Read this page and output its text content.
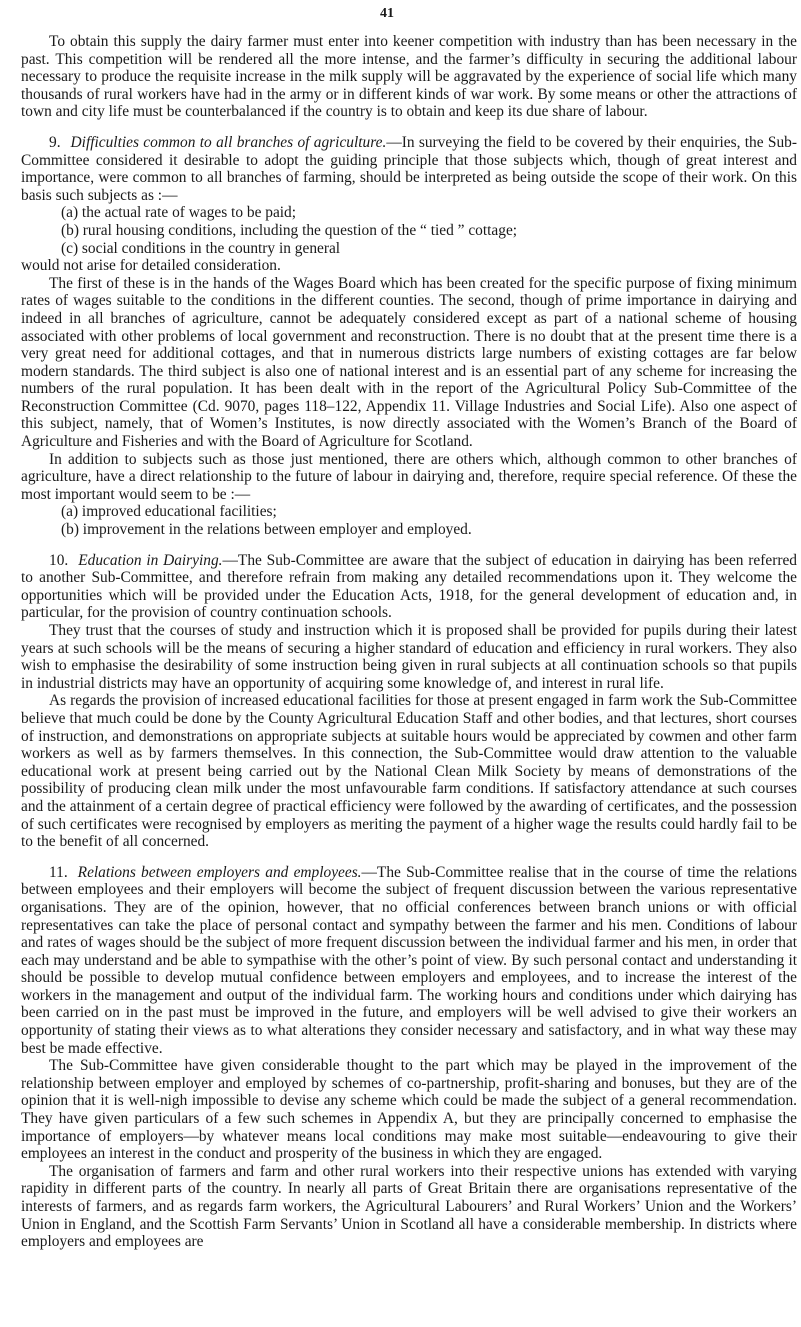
41

To obtain this supply the dairy farmer must enter into keener competition with industry than has been necessary in the past. This competition will be rendered all the more intense, and the farmer’s difficulty in securing the additional labour necessary to produce the requisite increase in the milk supply will be aggravated by the experience of social life which many thousands of rural workers have had in the army or in different kinds of war work. By some means or other the attractions of town and city life must be counterbalanced if the country is to obtain and keep its due share of labour.

9. Difficulties common to all branches of agriculture.—In surveying the field to be covered by their enquiries, the Sub-Committee considered it desirable to adopt the guiding principle that those subjects which, though of great interest and importance, were common to all branches of farming, should be interpreted as being outside the scope of their work. On this basis such subjects as :—

(a) the actual rate of wages to be paid;
(b) rural housing conditions, including the question of the “ tied ” cottage;
(c) social conditions in the country in general

would not arise for detailed consideration.

The first of these is in the hands of the Wages Board which has been created for the specific purpose of fixing minimum rates of wages suitable to the conditions in the different counties. The second, though of prime importance in dairying and indeed in all branches of agriculture, cannot be adequately considered except as part of a national scheme of housing associated with other problems of local government and reconstruction. There is no doubt that at the present time there is a very great need for additional cottages, and that in numerous districts large numbers of existing cottages are far below modern standards. The third subject is also one of national interest and is an essential part of any scheme for increasing the numbers of the rural population. It has been dealt with in the report of the Agricultural Policy Sub-Committee of the Reconstruction Committee (Cd. 9070, pages 118–122, Appendix 11. Village Industries and Social Life). Also one aspect of this subject, namely, that of Women’s Institutes, is now directly associated with the Women’s Branch of the Board of Agriculture and Fisheries and with the Board of Agriculture for Scotland.

In addition to subjects such as those just mentioned, there are others which, although common to other branches of agriculture, have a direct relationship to the future of labour in dairying and, therefore, require special reference. Of these the most important would seem to be :—

(a) improved educational facilities;
(b) improvement in the relations between employer and employed.

10. Education in Dairying.—The Sub-Committee are aware that the subject of education in dairying has been referred to another Sub-Committee, and therefore refrain from making any detailed recommendations upon it. They welcome the opportunities which will be provided under the Education Acts, 1918, for the general development of education and, in particular, for the provision of country continuation schools.

They trust that the courses of study and instruction which it is proposed shall be provided for pupils during their latest years at such schools will be the means of securing a higher standard of education and efficiency in rural workers. They also wish to emphasise the desirability of some instruction being given in rural subjects at all continuation schools so that pupils in industrial districts may have an opportunity of acquiring some knowledge of, and interest in rural life.

As regards the provision of increased educational facilities for those at present engaged in farm work the Sub-Committee believe that much could be done by the County Agricultural Education Staff and other bodies, and that lectures, short courses of instruction, and demonstrations on appropriate subjects at suitable hours would be appreciated by cowmen and other farm workers as well as by farmers themselves. In this connection, the Sub-Committee would draw attention to the valuable educational work at present being carried out by the National Clean Milk Society by means of demonstrations of the possibility of producing clean milk under the most unfavourable farm conditions. If satisfactory attendance at such courses and the attainment of a certain degree of practical efficiency were followed by the awarding of certificates, and the possession of such certificates were recognised by employers as meriting the payment of a higher wage the results could hardly fail to be to the benefit of all concerned.

11. Relations between employers and employees.—The Sub-Committee realise that in the course of time the relations between employees and their employers will become the subject of frequent discussion between the various representative organisations. They are of the opinion, however, that no official conferences between branch unions or with official representatives can take the place of personal contact and sympathy between the farmer and his men. Conditions of labour and rates of wages should be the subject of more frequent discussion between the individual farmer and his men, in order that each may understand and be able to sympathise with the other’s point of view. By such personal contact and understanding it should be possible to develop mutual confidence between employers and employees, and to increase the interest of the workers in the management and output of the individual farm. The working hours and conditions under which dairying has been carried on in the past must be improved in the future, and employers will be well advised to give their workers an opportunity of stating their views as to what alterations they consider necessary and satisfactory, and in what way these may best be made effective.

The Sub-Committee have given considerable thought to the part which may be played in the improvement of the relationship between employer and employed by schemes of co-partnership, profit-sharing and bonuses, but they are of the opinion that it is well-nigh impossible to devise any scheme which could be made the subject of a general recommendation. They have given particulars of a few such schemes in Appendix A, but they are principally concerned to emphasise the importance of employers—by whatever means local conditions may make most suitable—endeavouring to give their employees an interest in the conduct and prosperity of the business in which they are engaged.

The organisation of farmers and farm and other rural workers into their respective unions has extended with varying rapidity in different parts of the country. In nearly all parts of Great Britain there are organisations representative of the interests of farmers, and as regards farm workers, the Agricultural Labourers’ and Rural Workers’ Union and the Workers’ Union in England, and the Scottish Farm Servants’ Union in Scotland all have a considerable membership. In districts where employers and employees are
